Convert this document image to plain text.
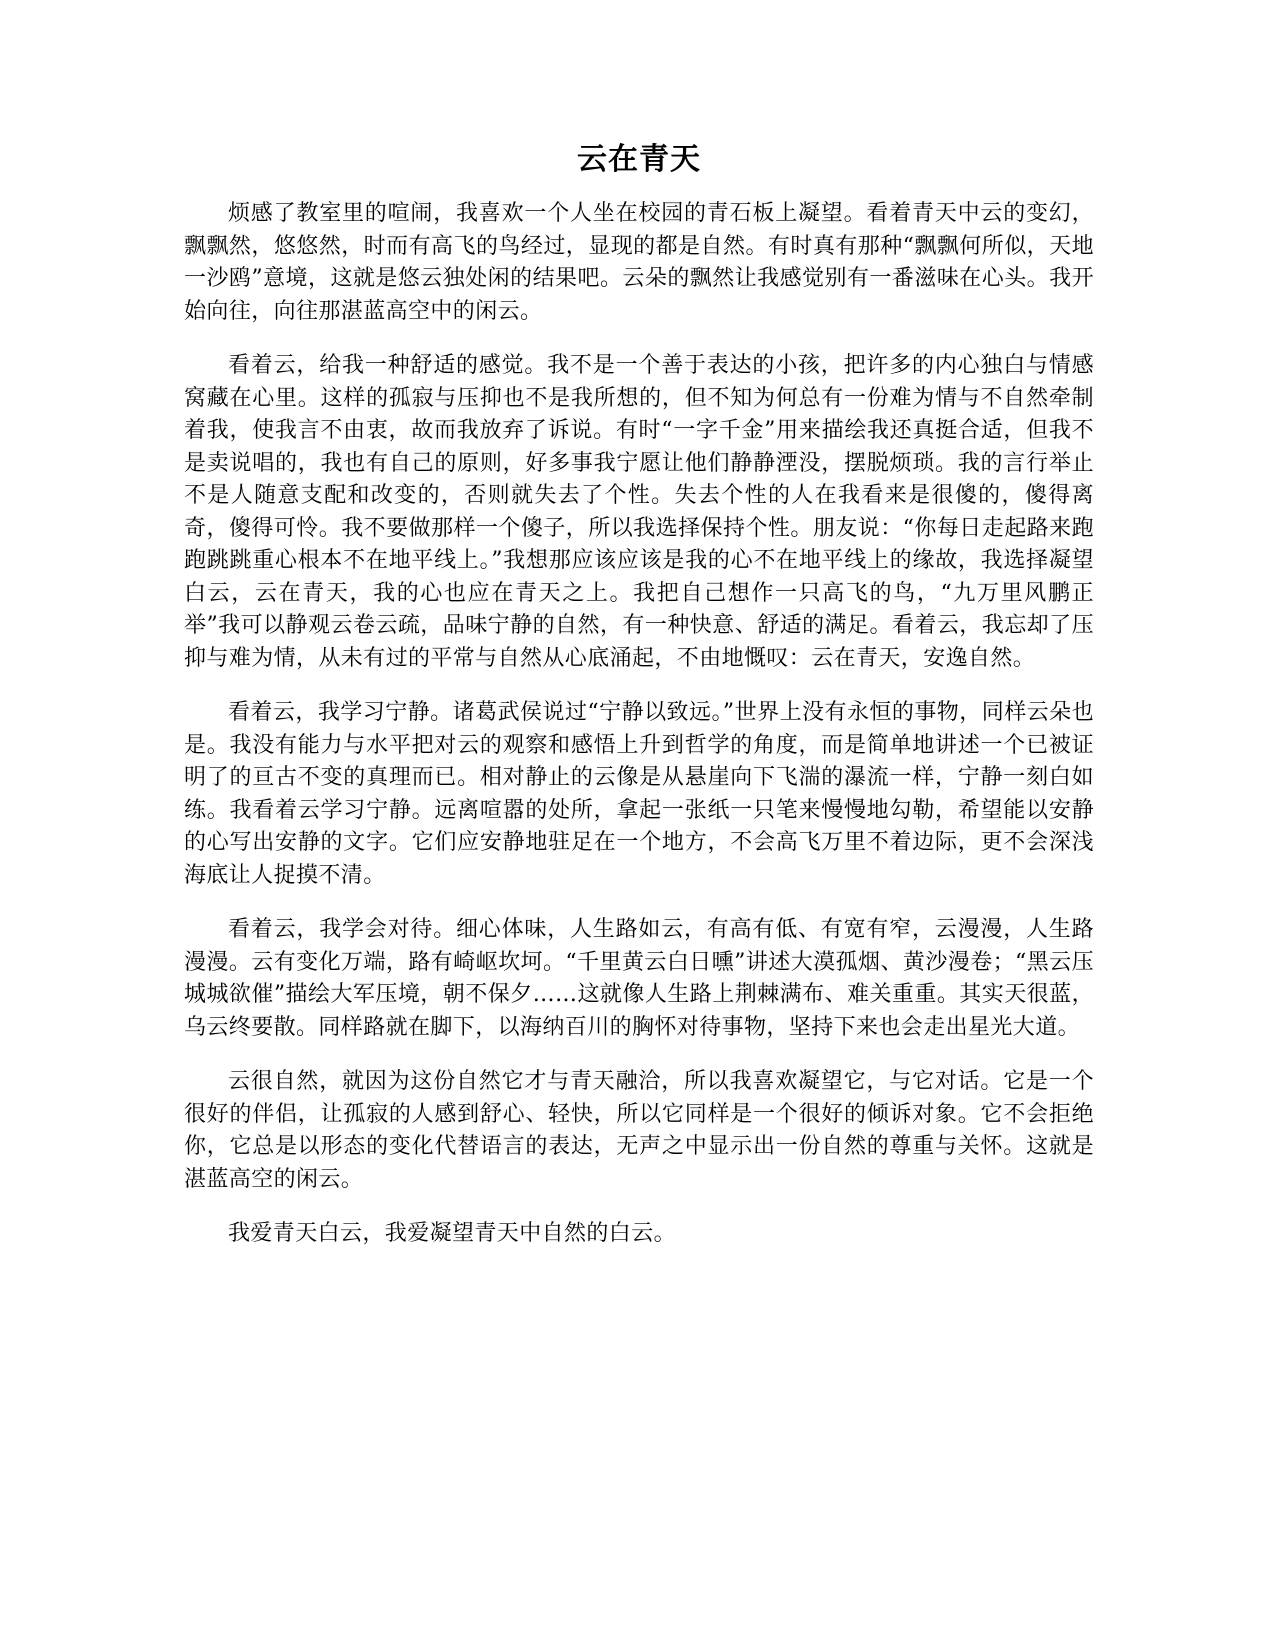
云在青天

烦感了教室里的喧闹，我喜欢一个人坐在校园的青石板上凝望。看着青天中云的变幻，飘飘然，悠悠然，时而有高飞的鸟经过，显现的都是自然。有时真有那种“飘飘何所似，天地一沙鸥”意境，这就是悠云独处闲的结果吧。云朵的飘然让我感觉别有一番滋味在心头。我开始向往，向往那湛蓝高空中的闲云。

看着云，给我一种舒适的感觉。我不是一个善于表达的小孩，把许多的内心独白与情感窝藏在心里。这样的孤寂与压抑也不是我所想的，但不知为何总有一份难为情与不自然牵制着我，使我言不由衷，故而我放弃了诉说。有时“一字千金”用来描绘我还真挺合适，但我不是卖说唱的，我也有自己的原则，好多事我宁愿让他们静静湮没，摆脱烦琐。我的言行举止不是人随意支配和改变的，否则就失去了个性。失去个性的人在我看来是很傻的，傻得离奇，傻得可怜。我不要做那样一个傻子，所以我选择保持个性。朋友说：“你每日走起路来跑跑跳跳重心根本不在地平线上。”我想那应该应该是我的心不在地平线上的缘故，我选择凝望白云，云在青天，我的心也应在青天之上。我把自己想作一只高飞的鸟，“九万里风鹏正举”我可以静观云卷云疏，品味宁静的自然，有一种快意、舒适的满足。看着云，我忘却了压抑与难为情，从未有过的平常与自然从心底涌起，不由地慨叹：云在青天，安逸自然。

看着云，我学习宁静。诸葛武侯说过“宁静以致远。”世界上没有永恒的事物，同样云朵也是。我没有能力与水平把对云的观察和感悟上升到哲学的角度，而是简单地讲述一个已被证明了的亘古不变的真理而已。相对静止的云像是从悬崖向下飞湍的瀑流一样，宁静一刻白如练。我看着云学习宁静。远离喧嚣的处所，拿起一张纸一只笔来慢慢地勾勒，希望能以安静的心写出安静的文字。它们应安静地驻足在一个地方，不会高飞万里不着边际，更不会深浅海底让人捉摸不清。

看着云，我学会对待。细心体味，人生路如云，有高有低、有宽有窄，云漫漫，人生路漫漫。云有变化万端，路有崎岖坎坷。“千里黄云白日曛”讲述大漠孤烟、黄沙漫卷；“黑云压城城欲催”描绘大军压境，朝不保夕……这就像人生路上荆棘满布、难关重重。其实天很蓝，乌云终要散。同样路就在脚下，以海纳百川的胸怀对待事物，坚持下来也会走出星光大道。

云很自然，就因为这份自然它才与青天融洽，所以我喜欢凝望它，与它对话。它是一个很好的伴侣，让孤寂的人感到舒心、轻快，所以它同样是一个很好的倾诉对象。它不会拒绝你，它总是以形态的变化代替语言的表达，无声之中显示出一份自然的尊重与关怀。这就是湛蓝高空的闲云。

我爱青天白云，我爱凝望青天中自然的白云。
